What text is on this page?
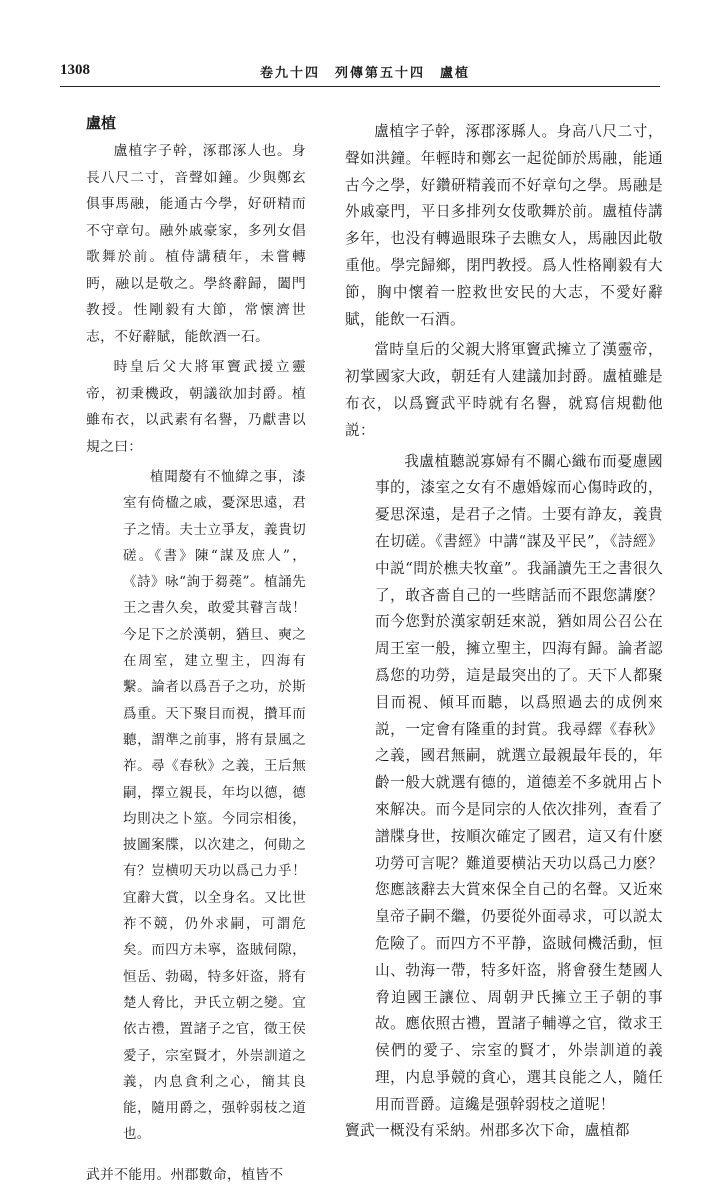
1308	卷九十四　列傳第五十四　盧植
盧植

盧植字子幹，涿郡涿人也。身長八尺二寸，音聲如鐘。少與鄭玄俱事馬融，能通古今學，好研精而不守章句。融外戚豪家，多列女倡歌舞於前。植侍講積年，未嘗轉眄，融以是敬之。學終辭歸，闔門教授。性剛毅有大節，常懷濟世志，不好辭賦，能飲酒一石。

時皇后父大將軍竇武援立靈帝，初秉機政，朝議欲加封爵。植雖布衣，以武素有名譽，乃獻書以規之曰：

植聞嫠有不恤緯之事，漆室有倚楹之戚，憂深思遠，君子之情。夫士立爭友，義貴切磋。《書》陳“謀及庶人”，《詩》咏“詢于芻蕘”。植誦先王之書久矣，敢愛其瞽言哉！今足下之於漢朝，猶旦、奭之在周室，建立聖主，四海有繫。論者以爲吾子之功，於斯爲重。天下聚目而視，攢耳而聽，謂準之前事，將有景風之祚。尋《春秋》之義，王后無嗣，擇立親長，年均以德，德均則决之卜筮。今同宗相後，披圖案牒，以次建之，何勛之有？豈横叨天功以爲己力乎！宜辭大賞，以全身名。又比世祚不競，仍外求嗣，可謂危矣。而四方未寧，盗賊伺隙，恒岳、勃碣，特多奸盗，將有楚人脅比，尹氏立朝之變。宜依古禮，置諸子之官，徵王侯愛子，宗室賢才，外崇訓道之義，内息貪利之心，簡其良能，隨用爵之，强幹弱枝之道也。

武并不能用。州郡數命，植皆不

盧植字子幹，涿郡涿縣人。身高八尺二寸，聲如洪鐘。年輕時和鄭玄一起從師於馬融，能通古今之學，好鑽研精義而不好章句之學。馬融是外戚豪門，平日多排列女伎歌舞於前。盧植侍講多年，也没有轉過眼珠子去瞧女人，馬融因此敬重他。學完歸鄉，閉門教授。爲人性格剛毅有大節，胸中懷着一腔救世安民的大志，不愛好辭賦，能飲一石酒。

當時皇后的父親大將軍竇武擁立了漢靈帝，初掌國家大政，朝廷有人建議加封爵。盧植雖是布衣，以爲竇武平時就有名譽，就寫信規勸他説：

我盧植聽説寡婦有不關心織布而憂慮國事的，漆室之女有不慮婚嫁而心傷時政的，憂思深遠，是君子之情。士要有諍友，義貴在切磋。《書經》中講“謀及平民”，《詩經》中説“問於樵夫牧童”。我誦讀先王之書很久了，敢吝嗇自己的一些瞎話而不跟您講麼？而今您對於漢家朝廷來説，猶如周公召公在周王室一般，擁立聖主，四海有歸。論者認爲您的功勞，這是最突出的了。天下人都聚目而視、傾耳而聽，以爲照過去的成例來説，一定會有隆重的封賞。我尋繹《春秋》之義，國君無嗣，就選立最親最年長的，年齡一般大就選有德的，道德差不多就用占卜來解决。而今是同宗的人依次排列，查看了譜牒身世，按順次確定了國君，這又有什麽功勞可言呢？難道要横沾天功以爲己力麽？您應該辭去大賞來保全自己的名聲。又近來皇帝子嗣不繼，仍要從外面尋求，可以説太危險了。而四方不平静，盗賊伺機活動，恒山、勃海一帶，特多奸盗，將會發生楚國人脅迫國王讓位、周朝尹氏擁立王子朝的事故。應依照古禮，置諸子輔導之官，徵求王侯們的愛子、宗室的賢才，外崇訓道的義理，内息爭競的貪心，選其良能之人，隨任用而晋爵。這纔是强幹弱枝之道呢！

竇武一概没有采納。州郡多次下命，盧植都
